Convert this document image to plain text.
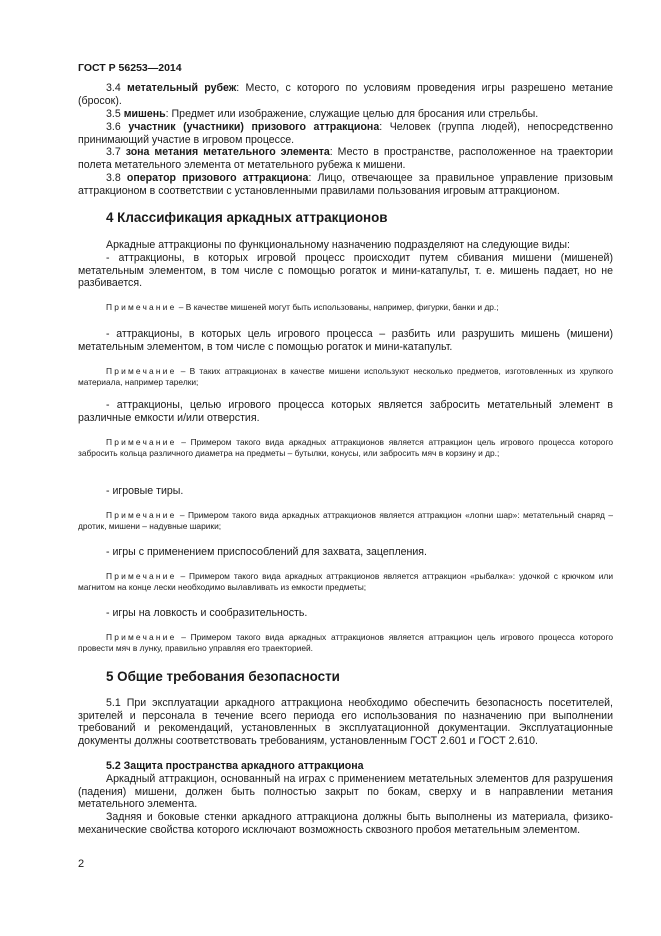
ГОСТ Р 56253—2014
3.4 метательный рубеж: Место, с которого по условиям проведения игры разрешено метание (бросок).
3.5 мишень: Предмет или изображение, служащие целью для бросания или стрельбы.
3.6 участник (участники) призового аттракциона: Человек (группа людей), непосредственно принимающий участие в игровом процессе.
3.7 зона метания метательного элемента: Место в пространстве, расположенное на траектории полета метательного элемента от метательного рубежа к мишени.
3.8 оператор призового аттракциона: Лицо, отвечающее за правильное управление призовым аттракционом в соответствии с установленными правилами пользования игровым аттракционом.
4 Классификация аркадных аттракционов
Аркадные аттракционы по функциональному назначению подразделяют на следующие виды:
- аттракционы, в которых игровой процесс происходит путем сбивания мишени (мишеней) метательным элементом, в том числе с помощью рогаток и мини-катапульт, т. е. мишень падает, но не разбивается.
Примечание – В качестве мишеней могут быть использованы, например, фигурки, банки и др.;
- аттракционы, в которых цель игрового процесса – разбить или разрушить мишень (мишени) метательным элементом, в том числе с помощью рогаток и мини-катапульт.
Примечание – В таких аттракционах в качестве мишени используют несколько предметов, изготовленных из хрупкого материала, например тарелки;
- аттракционы, целью игрового процесса которых является забросить метательный элемент в различные емкости и/или отверстия.
Примечание – Примером такого вида аркадных аттракционов является аттракцион цель игрового процесса которого забросить кольца различного диаметра на предметы – бутылки, конусы, или забросить мяч в корзину и др.;
- игровые тиры.
Примечание – Примером такого вида аркадных аттракционов является аттракцион «лопни шар»: метательный снаряд – дротик, мишени – надувные шарики;
- игры с применением приспособлений для захвата, зацепления.
Примечание – Примером такого вида аркадных аттракционов является аттракцион «рыбалка»: удочкой с крючком или магнитом на конце лески необходимо вылавливать из емкости предметы;
- игры на ловкость и сообразительность.
Примечание – Примером такого вида аркадных аттракционов является аттракцион цель игрового процесса которого провести мяч в лунку, правильно управляя его траекторией.
5 Общие требования безопасности
5.1 При эксплуатации аркадного аттракциона необходимо обеспечить безопасность посетителей, зрителей и персонала в течение всего периода его использования по назначению при выполнении требований и рекомендаций, установленных в эксплуатационной документации. Эксплуатационные документы должны соответствовать требованиям, установленным ГОСТ 2.601 и ГОСТ 2.610.
5.2 Защита пространства аркадного аттракциона
Аркадный аттракцион, основанный на играх с применением метательных элементов для разрушения (падения) мишени, должен быть полностью закрыт по бокам, сверху и в направлении метания метательного элемента.
Задняя и боковые стенки аркадного аттракциона должны быть выполнены из материала, физико-механические свойства которого исключают возможность сквозного пробоя метательным элементом.
2
